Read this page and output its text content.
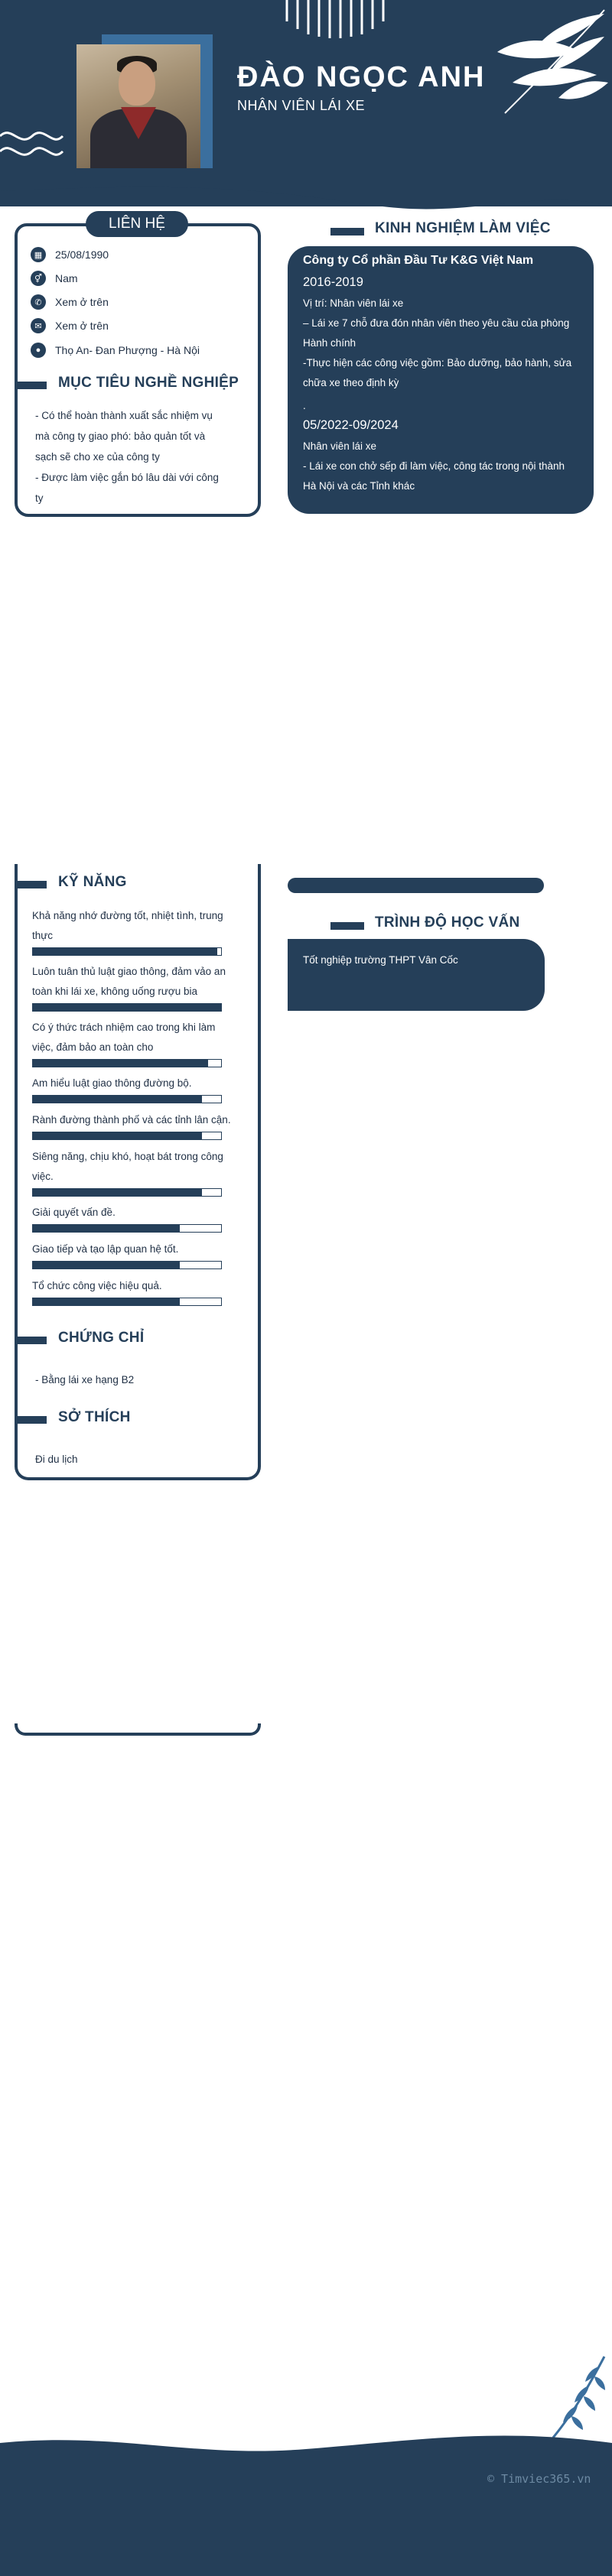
ĐÀO NGỌC ANH
NHÂN VIÊN LÁI XE
LIÊN HỆ
▦	25/08/1990
⚥	Nam
✆	Xem ở trên
✉	Xem ở trên
●	Thọ An- Đan Phượng - Hà Nội
MỤC TIÊU NGHỀ NGHIỆP
- Có thể hoàn thành xuất sắc nhiệm vụ
mà công ty giao phó: bảo quản tốt và
sạch sẽ cho xe của công ty
- Được làm việc gắn bó lâu dài với công
ty
KINH NGHIỆM LÀM VIỆC
Công ty Cổ phần Đầu Tư K&G Việt Nam
2016-2019
Vị trí: Nhân viên lái xe
– Lái xe 7 chỗ đưa đón nhân viên theo yêu cầu của phòng
Hành chính
-Thực hiện các công việc gồm: Bảo dưỡng, bảo hành, sửa
chữa xe theo định kỳ
.
05/2022-09/2024
Nhân viên lái xe
- Lái xe con chở sếp đi làm việc, công tác trong nội thành
Hà Nội và các Tỉnh khác
KỸ NĂNG
Khả năng nhớ đường tốt, nhiệt tình, trung
thực
Luôn tuân thủ luật giao thông, đảm vảo an
toàn khi lái xe, không uống rượu bia
Có ý thức trách nhiệm cao trong khi làm
việc, đảm bảo an toàn cho
Am hiểu luật giao thông đường bộ.
Rành đường thành phố và các tỉnh lân cận.
Siêng năng, chịu khó, hoạt bát trong công
việc.
Giải quyết vấn đề.
Giao tiếp và tạo lập quan hệ tốt.
Tổ chức công việc hiệu quả.
CHỨNG CHỈ
- Bằng lái xe hạng B2
SỞ THÍCH
Đi du lịch
TRÌNH ĐỘ HỌC VẤN
Tốt nghiệp trường THPT Vân Cốc
© Timviec365.vn
